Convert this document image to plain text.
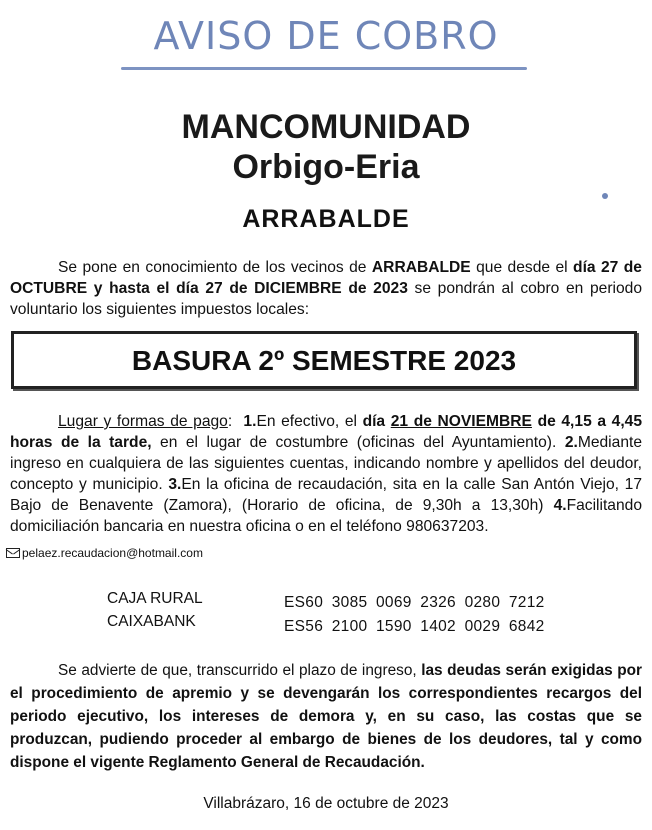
AVISO DE COBRO
MANCOMUNIDAD
Orbigo-Eria
ARRABALDE
Se pone en conocimiento de los vecinos de ARRABALDE que desde el día 27 de OCTUBRE y hasta el día 27 de DICIEMBRE de 2023 se pondrán al cobro en periodo voluntario los siguientes impuestos locales:
BASURA 2º SEMESTRE 2023
Lugar y formas de pago:  1.En efectivo, el día 21 de NOVIEMBRE de 4,15 a 4,45 horas de la tarde, en el lugar de costumbre (oficinas del Ayuntamiento). 2.Mediante ingreso en cualquiera de las siguientes cuentas, indicando nombre y apellidos del deudor, concepto y municipio. 3.En la oficina de recaudación, sita en la calle San Antón Viejo, 17 Bajo de Benavente (Zamora), (Horario de oficina, de 9,30h a 13,30h) 4.Facilitando domiciliación bancaria en nuestra oficina o en el teléfono 980637203.
pelaez.recaudacion@hotmail.com
CAJA RURAL	ES60 3085 0069 2326 0280 7212
CAIXABANK	ES56 2100 1590 1402 0029 6842
Se advierte de que, transcurrido el plazo de ingreso, las deudas serán exigidas por el procedimiento de apremio y se devengarán los correspondientes recargos del periodo ejecutivo, los intereses de demora y, en su caso, las costas que se produzcan, pudiendo proceder al embargo de bienes de los deudores, tal y como dispone el vigente Reglamento General de Recaudación.
Villabrázaro, 16 de octubre de 2023
